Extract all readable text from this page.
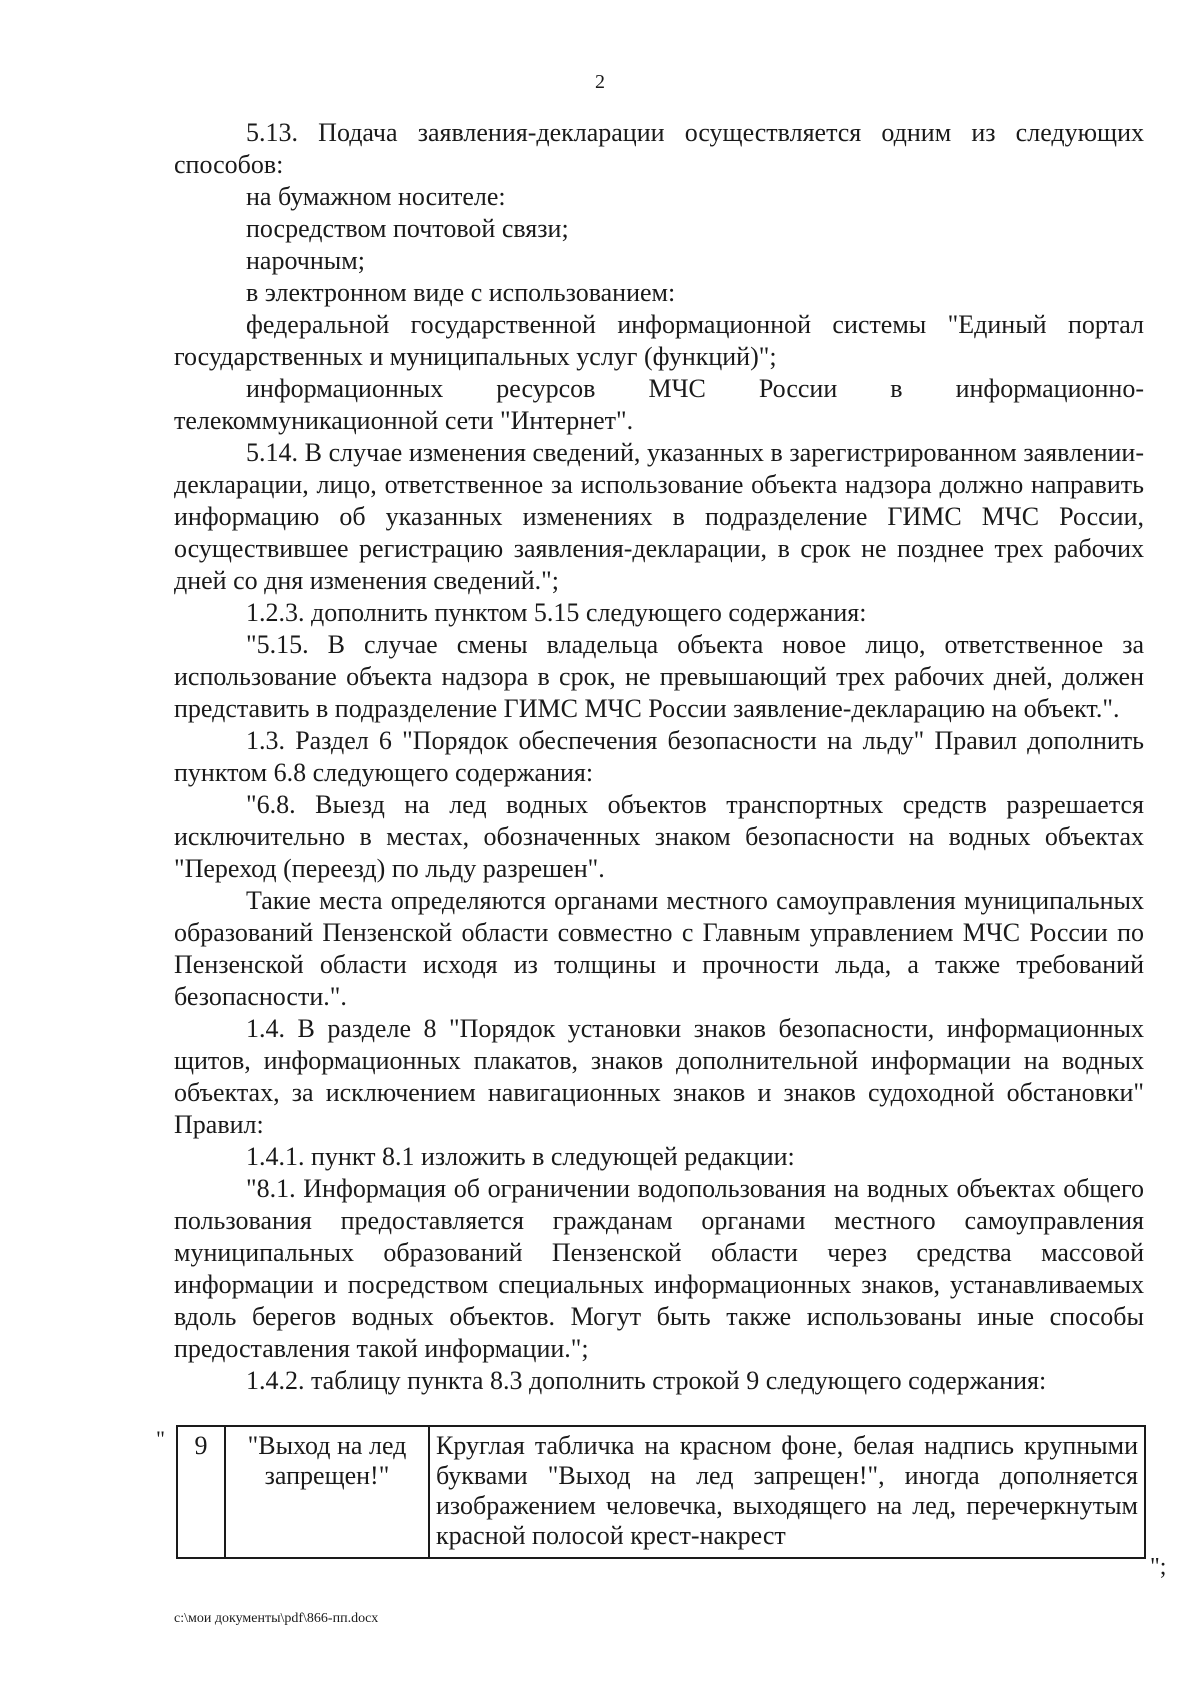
2

5.13. Подача заявления-декларации осуществляется одним из следующих способов:

на бумажном носителе:

посредством почтовой связи;

нарочным;

в электронном виде с использованием:

федеральной государственной информационной системы "Единый портал государственных и муниципальных услуг (функций)";

информационных ресурсов МЧС России в информационно-телекоммуникационной сети "Интернет".

5.14. В случае изменения сведений, указанных в зарегистрированном заявлении-декларации, лицо, ответственное за использование объекта надзора должно направить информацию об указанных изменениях в подразделение ГИМС МЧС России, осуществившее регистрацию заявления-декларации, в срок не позднее трех рабочих дней со дня изменения сведений.";

1.2.3. дополнить пунктом 5.15 следующего содержания:

"5.15. В случае смены владельца объекта новое лицо, ответственное за использование объекта надзора в срок, не превышающий трех рабочих дней, должен представить в подразделение ГИМС МЧС России заявление-декларацию на объект.".

1.3. Раздел 6 "Порядок обеспечения безопасности на льду" Правил дополнить пунктом 6.8 следующего содержания:

"6.8. Выезд на лед водных объектов транспортных средств разрешается исключительно в местах, обозначенных знаком безопасности на водных объектах "Переход (переезд) по льду разрешен".

Такие места определяются органами местного самоуправления муниципальных образований Пензенской области совместно с Главным управлением МЧС России по Пензенской области исходя из толщины и прочности льда, а также требований безопасности.".

1.4. В разделе 8 "Порядок установки знаков безопасности, информационных щитов, информационных плакатов, знаков дополнительной информации на водных объектах, за исключением навигационных знаков и знаков судоходной обстановки" Правил:

1.4.1. пункт 8.1 изложить в следующей редакции:

"8.1. Информация об ограничении водопользования на водных объектах общего пользования предоставляется гражданам органами местного самоуправления муниципальных образований Пензенской области через средства массовой информации и посредством специальных информационных знаков, устанавливаемых вдоль берегов водных объектов. Могут быть также использованы иные способы предоставления такой информации.";

1.4.2. таблицу пункта 8.3 дополнить строкой 9 следующего содержания:

" 9	"Выход на лед запрещен!"	Круглая табличка на красном фоне, белая надпись крупными буквами "Выход на лед запрещен!", иногда дополняется изображением человечка, выходящего на лед, перечеркнутым красной полосой крест-накрест
";
c:\мои документы\pdf\866-пп.docx
